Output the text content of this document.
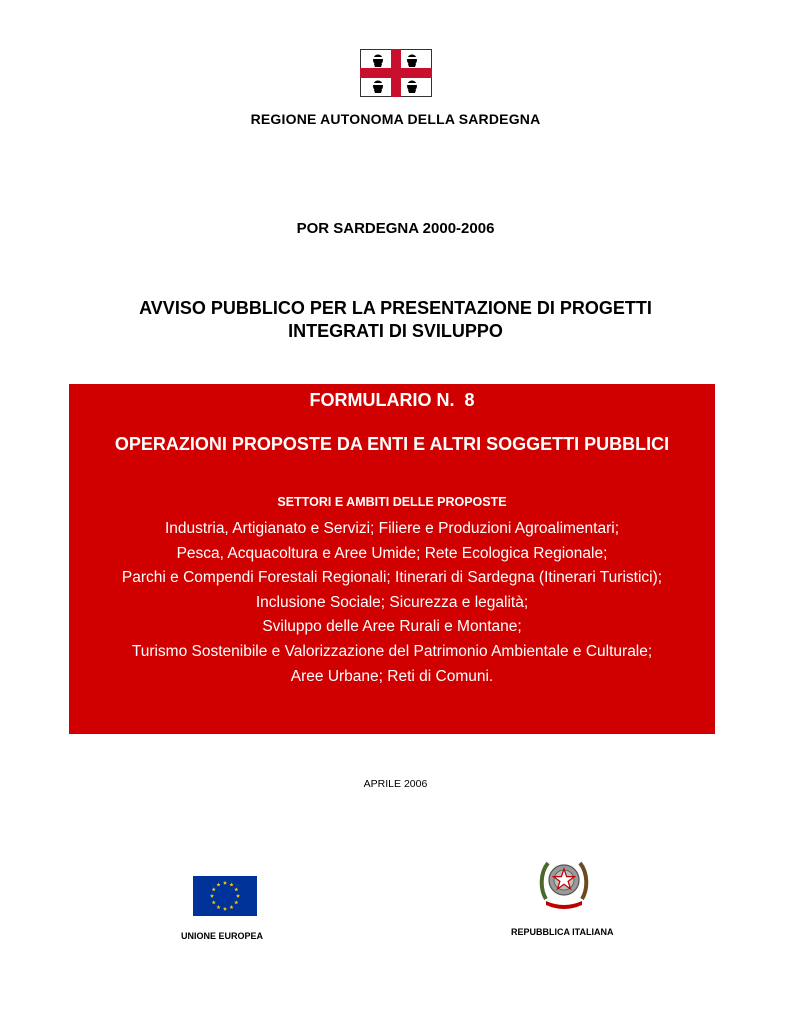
REGIONE AUTONOMA DELLA SARDEGNA
POR SARDEGNA 2000-2006
AVVISO PUBBLICO PER LA PRESENTAZIONE DI PROGETTI
INTEGRATI DI SVILUPPO
FORMULARIO N.  8
OPERAZIONI PROPOSTE DA ENTI E ALTRI SOGGETTI PUBBLICI
SETTORI E AMBITI DELLE PROPOSTE
Industria, Artigianato e Servizi; Filiere e Produzioni Agroalimentari;
Pesca, Acquacoltura e Aree Umide; Rete Ecologica Regionale;
Parchi e Compendi Forestali Regionali; Itinerari di Sardegna (Itinerari Turistici);
Inclusione Sociale; Sicurezza e legalità;
Sviluppo delle Aree Rurali e Montane;
Turismo Sostenibile e Valorizzazione del Patrimonio Ambientale e Culturale;
Aree Urbane; Reti di Comuni.
APRILE 2006
UNIONE EUROPEA	REPUBBLICA ITALIANA
